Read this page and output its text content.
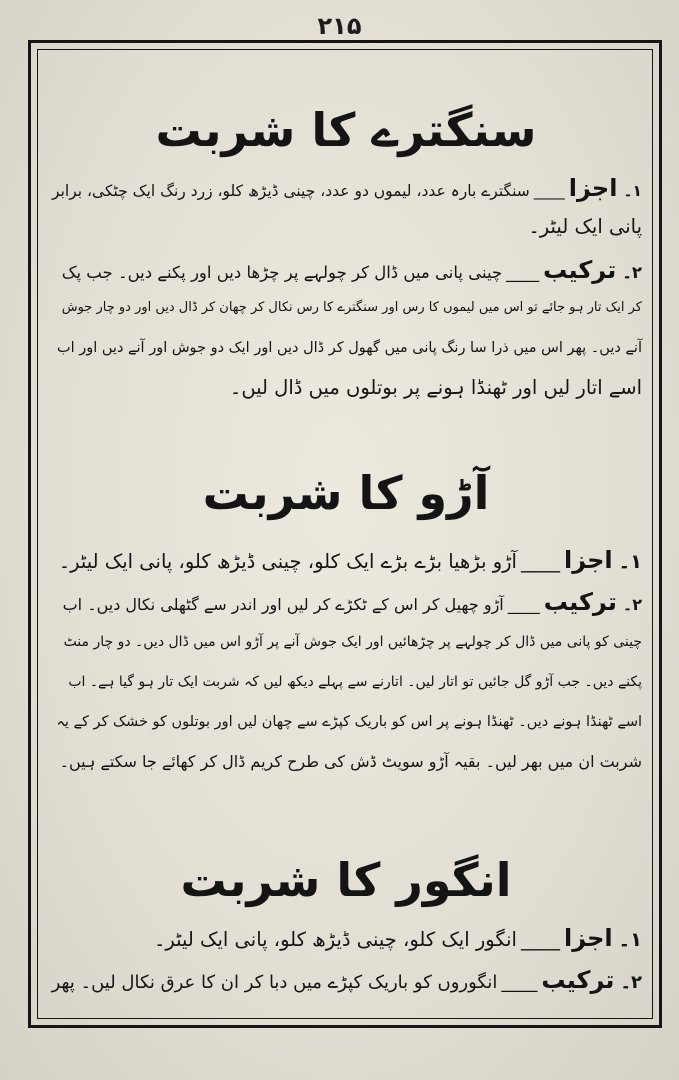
۲۱۵
سنگترے کا شربت
۱۔اجزا____سنگترے بارہ عدد، لیموں دو عدد، چینی ڈیڑھ کلو، زرد رنگ ایک چٹکی، برابر
پانی ایک لیٹر۔
۲۔ترکیب____چینی پانی میں ڈال کر چولہے پر چڑھا دیں اور پکنے دیں۔ جب پک
کر ایک تار ہو جائے تو اس میں لیموں کا رس اور سنگترے کا رس نکال کر چھان کر ڈال دیں اور دو چار جوش
آنے دیں۔ پھر اس میں ذرا سا رنگ پانی میں گھول کر ڈال دیں اور ایک دو جوش اور آنے دیں اور اب
اسے اتار لیں اور ٹھنڈا ہونے پر بوتلوں میں ڈال لیں۔
آڑو کا شربت
۱۔اجزا____آڑو بڑھیا بڑے بڑے ایک کلو، چینی ڈیڑھ کلو، پانی ایک لیٹر۔
۲۔ترکیب____آڑو چھیل کر اس کے ٹکڑے کر لیں اور اندر سے گٹھلی نکال دیں۔ اب
چینی کو پانی میں ڈال کر چولہے پر چڑھائیں اور ایک جوش آنے پر آڑو اس میں ڈال دیں۔ دو چار منٹ
پکنے دیں۔ جب آڑو گل جائیں تو اتار لیں۔ اتارنے سے پہلے دیکھ لیں کہ شربت ایک تار ہو گیا ہے۔ اب
اسے ٹھنڈا ہونے دیں۔ ٹھنڈا ہونے پر اس کو باریک کپڑے سے چھان لیں اور بوتلوں کو خشک کر کے یہ
شربت ان میں بھر لیں۔ بقیہ آڑو سویٹ ڈش کی طرح کریم ڈال کر کھائے جا سکتے ہیں۔
انگور کا شربت
۱۔اجزا____انگور ایک کلو، چینی ڈیڑھ کلو، پانی ایک لیٹر۔
۲۔ترکیب____انگوروں کو باریک کپڑے میں دبا کر ان کا عرق نکال لیں۔ پھر
